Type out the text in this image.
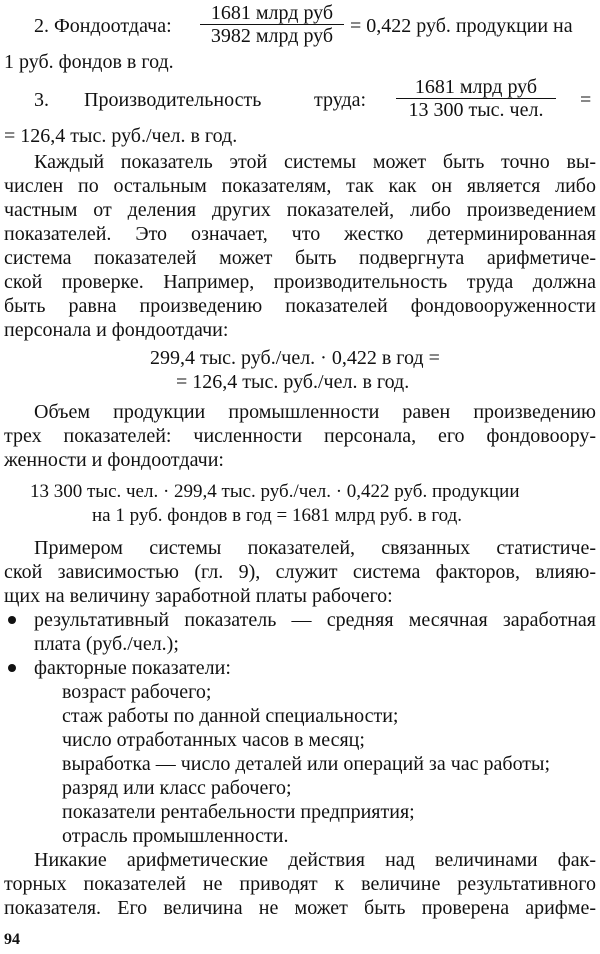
2. Фондоотдача:
1681 млрд руб
3982 млрд руб = 0,422 руб. продукции на
1 руб. фондов в год.
3. Производительность	труда:
1681 млрд руб
13 300 тыс. чел.	=
= 126,4 тыс. руб./чел. в год.
Каждый показатель этой системы может быть точно вы-
числен по остальным показателям, так как он является либо
частным от деления других показателей, либо произведением
показателей. Это означает, что жестко детерминированная
система показателей может быть подвергнута арифметиче-
ской проверке. Например, производительность труда должна
быть равна произведению показателей фондовооруженности
персонала и фондоотдачи:
299,4 тыс. руб./чел. · 0,422 в год =
= 126,4 тыс. руб./чел. в год.
Объем продукции промышленности равен произведению
трех показателей: численности персонала, его фондовоору-
женности и фондоотдачи:
13 300 тыс. чел. · 299,4 тыс. руб./чел. · 0,422 руб. продукции
на 1 руб. фондов в год = 1681 млрд руб. в год.
Примером системы показателей, связанных статистиче-
ской зависимостью (гл. 9), служит система факторов, влияю-
щих на величину заработной платы рабочего:
результативный показатель — средняя месячная заработная
плата (руб./чел.);
факторные показатели:
возраст рабочего;
стаж работы по данной специальности;
число отработанных часов в месяц;
выработка — число деталей или операций за час работы;
разряд или класс рабочего;
показатели рентабельности предприятия;
отрасль промышленности.
Никакие арифметические действия над величинами фак-
торных показателей не приводят к величине результативного
показателя. Его величина не может быть проверена арифме-
94
